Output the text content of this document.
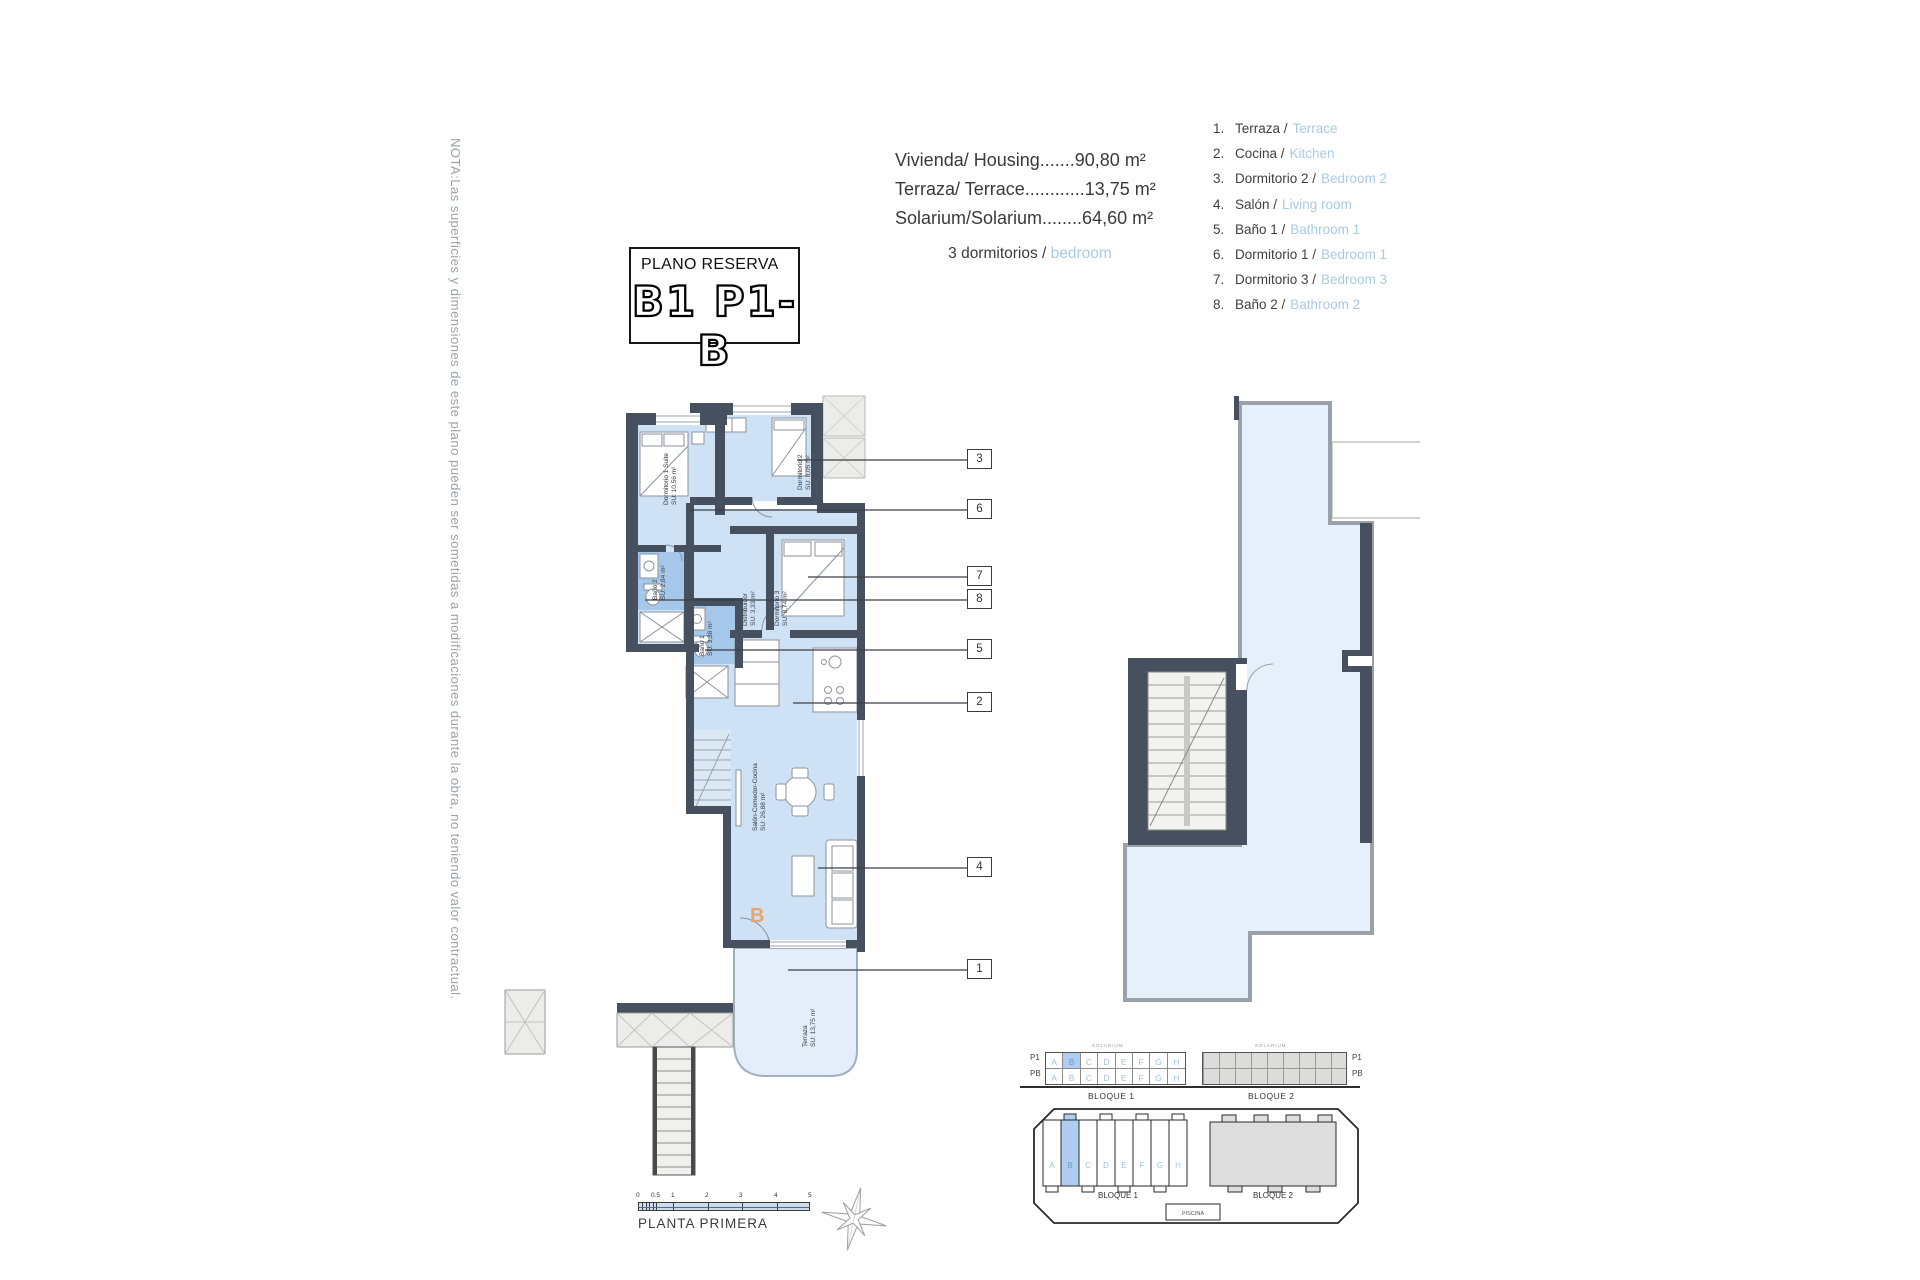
NOTA:Las superficies y dimensiones de este plano pueden ser sometidas a modificaciones durante la obra, no teniendo valor contractual.	PLANO RESERVA
B1 P1-B
Vivienda/ Housing.......90,80 m²
Terraza/ Terrace............13,75 m²
Solarium/Solarium........64,60 m²
3 dormitorios / bedroom
1. Terraza / Terrace
2. Cocina / Kitchen
3. Dormitorio 2 / Bedroom 2
4. Salón / Living room
5. Baño 1 / Bathroom 1
6. Dormitorio 1 / Bedroom 1
7. Dormitorio 3 / Bedroom 3
8. Baño 2 / Bathroom 2
3
6
7
8
5
2
4
1
Dormitorio 1 Suite SU: 10,56 m²	Dormitorio 2 SU: 8,05 m²
Dormitorio 3 SU: 8,74 m²
Baño 2 SU: 2,84 m²
Baño 1 SU: 3,38 m²
Distribuidor SU: 3,33 m²
Salón-Comedor-Cocina SU: 26,88 m²
Terraza SU: 13,75 m²
B
P1
PB
SOLARIUM
A B C D E F G H
A B C D E F G H
SOLARIUM
P1
PB
BLOQUE 1	BLOQUE 2
A B C D E F G H
BLOQUE 1	BLOQUE 2
PISCINA
0 0.5 1	2	3	4	5
PLANTA PRIMERA
